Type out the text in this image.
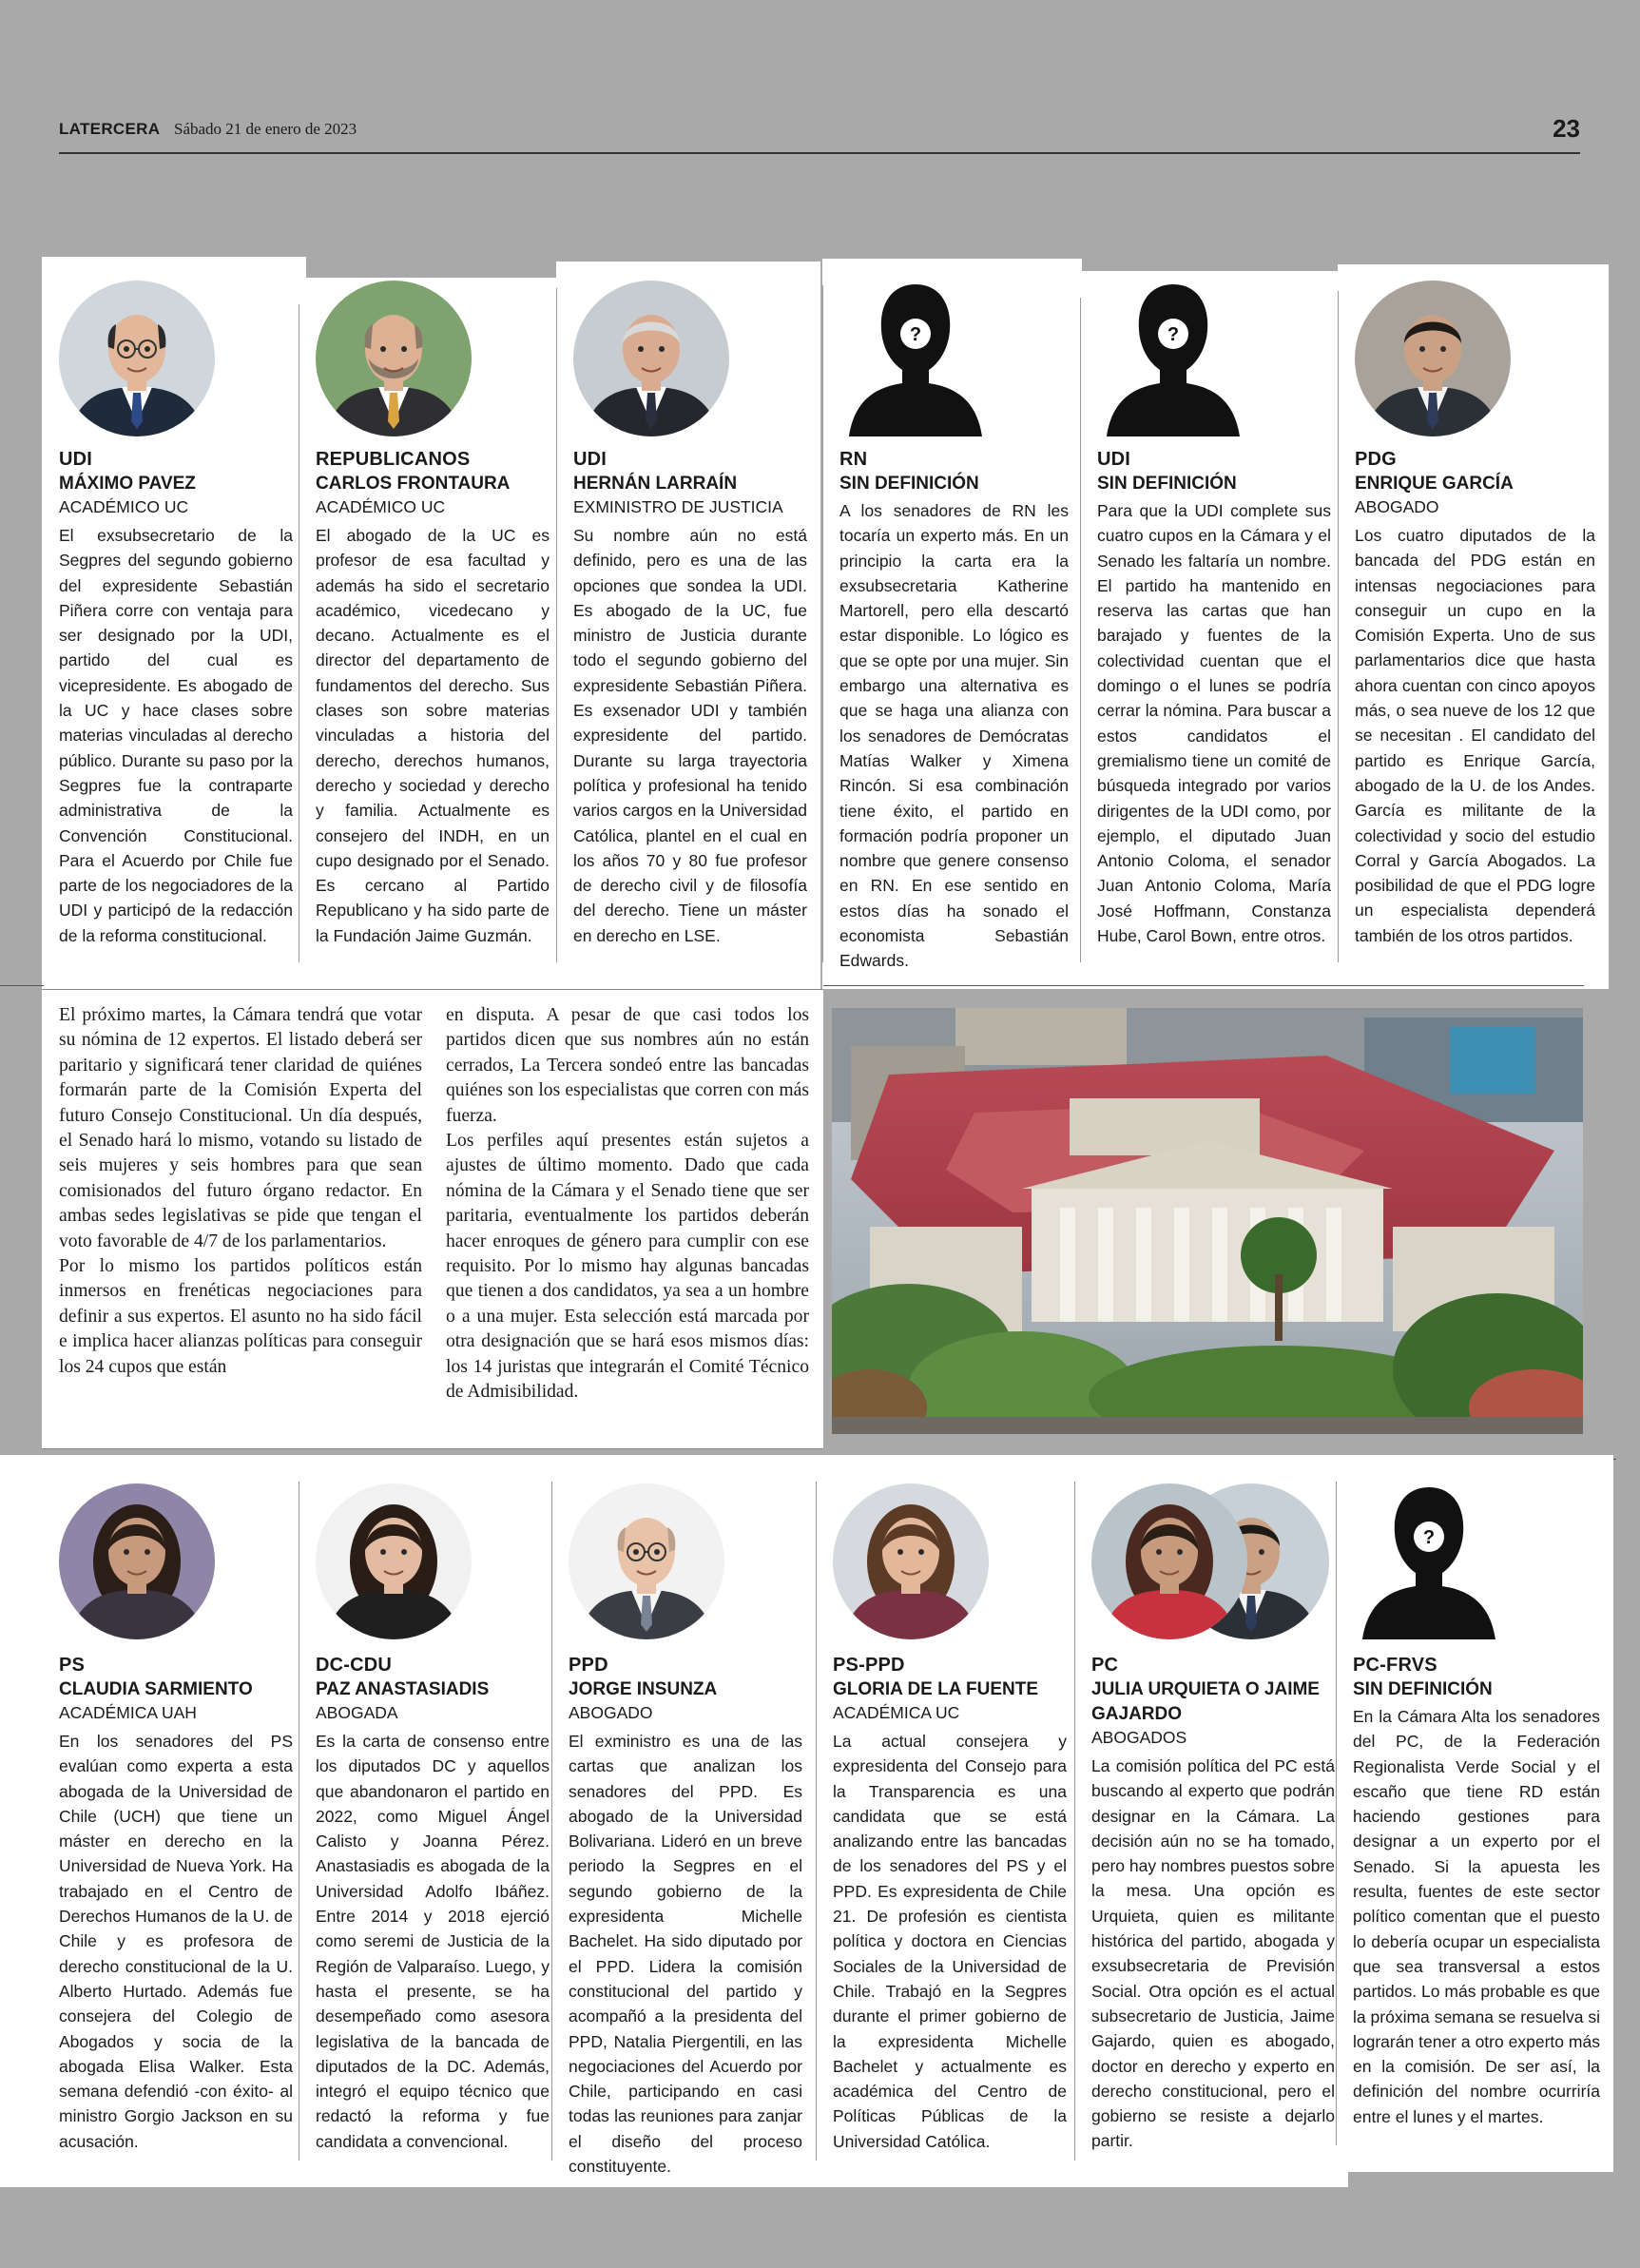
LATERCERA Sábado 21 de enero de 2023	23
UDI
MÁXIMO PAVEZ
ACADÉMICO UC
El exsubsecretario de la Segpres del segundo gobierno del expresidente Sebastián Piñera corre con ventaja para ser designado por la UDI, partido del cual es vicepresidente. Es abogado de la UC y hace clases sobre materias vinculadas al derecho público. Durante su paso por la Segpres fue la contraparte administrativa de la Convención Constitucional. Para el Acuerdo por Chile fue parte de los negociadores de la UDI y participó de la redacción de la reforma constitucional.
REPUBLICANOS
CARLOS FRONTAURA
ACADÉMICO UC
El abogado de la UC es profesor de esa facultad y además ha sido el secretario académico, vicedecano y decano. Actualmente es el director del departamento de fundamentos del derecho. Sus clases son sobre materias vinculadas a historia del derecho, derechos humanos, derecho y sociedad y derecho y familia. Actualmente es consejero del INDH, en un cupo designado por el Senado. Es cercano al Partido Republicano y ha sido parte de la Fundación Jaime Guzmán.
UDI
HERNÁN LARRAÍN
EXMINISTRO DE JUSTICIA
Su nombre aún no está definido, pero es una de las opciones que sondea la UDI. Es abogado de la UC, fue ministro de Justicia durante todo el segundo gobierno del expresidente Sebastián Piñera. Es exsenador UDI y también expresidente del partido. Durante su larga trayectoria política y profesional ha tenido varios cargos en la Universidad Católica, plantel en el cual en los años 70 y 80 fue profesor de derecho civil y de filosofía del derecho. Tiene un máster en derecho en LSE.
?
RN
SIN DEFINICIÓN
A los senadores de RN les tocaría un experto más. En un principio la carta era la exsubsecretaria Katherine Martorell, pero ella descartó estar disponible. Lo lógico es que se opte por una mujer. Sin embargo una alternativa es que se haga una alianza con los senadores de Demócratas Matías Walker y Ximena Rincón. Si esa combinación tiene éxito, el partido en formación podría proponer un nombre que genere consenso en RN. En ese sentido en estos días ha sonado el economista Sebastián Edwards.
?
UDI
SIN DEFINICIÓN
Para que la UDI complete sus cuatro cupos en la Cámara y el Senado les faltaría un nombre. El partido ha mantenido en reserva las cartas que han barajado y fuentes de la colectividad cuentan que el domingo o el lunes se podría cerrar la nómina. Para buscar a estos candidatos el gremialismo tiene un comité de búsqueda integrado por varios dirigentes de la UDI como, por ejemplo, el diputado Juan Antonio Coloma, el senador Juan Antonio Coloma, María José Hoffmann, Constanza Hube, Carol Bown, entre otros.
PDG
ENRIQUE GARCÍA
ABOGADO
Los cuatro diputados de la bancada del PDG están en intensas negociaciones para conseguir un cupo en la Comisión Experta. Uno de sus parlamentarios dice que hasta ahora cuentan con cinco apoyos más, o sea nueve de los 12 que se necesitan . El candidato del partido es Enrique García, abogado de la U. de los Andes. García es militante de la colectividad y socio del estudio Corral y García Abogados. La posibilidad de que el PDG logre un especialista dependerá también de los otros partidos.

El próximo martes, la Cámara tendrá que votar su nómina de 12 expertos. El listado deberá ser paritario y significará tener claridad de quiénes formarán parte de la Comisión Experta del futuro Consejo Constitucional. Un día después, el Senado hará lo mismo, votando su listado de seis mujeres y seis hombres para que sean comisionados del futuro órgano redactor. En ambas sedes legislativas se pide que tengan el voto favorable de 4/7 de los parlamentarios.

Por lo mismo los partidos políticos están inmersos en frenéticas negociaciones para definir a sus expertos. El asunto no ha sido fácil e implica hacer alianzas políticas para conseguir los 24 cupos que están

en disputa. A pesar de que casi todos los partidos dicen que sus nombres aún no están cerrados, La Tercera sondeó entre las bancadas quiénes son los especialistas que corren con más fuerza.

Los perfiles aquí presentes están sujetos a ajustes de último momento. Dado que cada nómina de la Cámara y el Senado tiene que ser paritaria, eventualmente los partidos deberán hacer enroques de género para cumplir con ese requisito. Por lo mismo hay algunas bancadas que tienen a dos candidatos, ya sea a un hombre o a una mujer. Esta selección está marcada por otra designación que se hará esos mismos días: los 14 juristas que integrarán el Comité Técnico de Admisibilidad.

PS
CLAUDIA SARMIENTO
ACADÉMICA UAH
En los senadores del PS evalúan como experta a esta abogada de la Universidad de Chile (UCH) que tiene un máster en derecho en la Universidad de Nueva York. Ha trabajado en el Centro de Derechos Humanos de la U. de Chile y es profesora de derecho constitucional de la U. Alberto Hurtado. Además fue consejera del Colegio de Abogados y socia de la abogada Elisa Walker. Esta semana defendió -con éxito- al ministro Gorgio Jackson en su acusación.
DC-CDU
PAZ ANASTASIADIS
ABOGADA
Es la carta de consenso entre los diputados DC y aquellos que abandonaron el partido en 2022, como Miguel Ángel Calisto y Joanna Pérez. Anastasiadis es abogada de la Universidad Adolfo Ibáñez. Entre 2014 y 2018 ejerció como seremi de Justicia de la Región de Valparaíso. Luego, y hasta el presente, se ha desempeñado como asesora legislativa de la bancada de diputados de la DC. Además, integró el equipo técnico que redactó la reforma y fue candidata a convencional.
PPD
JORGE INSUNZA
ABOGADO
El exministro es una de las cartas que analizan los senadores del PPD. Es abogado de la Universidad Bolivariana. Lideró en un breve periodo la Segpres en el segundo gobierno de la expresidenta Michelle Bachelet. Ha sido diputado por el PPD. Lidera la comisión constitucional del partido y acompañó a la presidenta del PPD, Natalia Piergentili, en las negociaciones del Acuerdo por Chile, participando en casi todas las reuniones para zanjar el diseño del proceso constituyente.
PS-PPD
GLORIA DE LA FUENTE
ACADÉMICA UC
La actual consejera y expresidenta del Consejo para la Transparencia es una candidata que se está analizando entre las bancadas de los senadores del PS y el PPD. Es expresidenta de Chile 21. De profesión es cientista política y doctora en Ciencias Sociales de la Universidad de Chile. Trabajó en la Segpres durante el primer gobierno de la expresidenta Michelle Bachelet y actualmente es académica del Centro de Políticas Públicas de la Universidad Católica.
PC
JULIA URQUIETA O JAIME GAJARDO
ABOGADOS
La comisión política del PC está buscando al experto que podrán designar en la Cámara. La decisión aún no se ha tomado, pero hay nombres puestos sobre la mesa. Una opción es Urquieta, quien es militante histórica del partido, abogada y exsubsecretaria de Previsión Social. Otra opción es el actual subsecretario de Justicia, Jaime Gajardo, quien es abogado, doctor en derecho y experto en derecho constitucional, pero el gobierno se resiste a dejarlo partir.
?
PC-FRVS
SIN DEFINICIÓN
En la Cámara Alta los senadores del PC, de la Federación Regionalista Verde Social y el escaño que tiene RD están haciendo gestiones para designar a un experto por el Senado. Si la apuesta les resulta, fuentes de este sector político comentan que el puesto lo debería ocupar un especialista que sea transversal a estos partidos. Lo más probable es que la próxima semana se resuelva si lograrán tener a otro experto más en la comisión. De ser así, la definición del nombre ocurriría entre el lunes y el martes.
